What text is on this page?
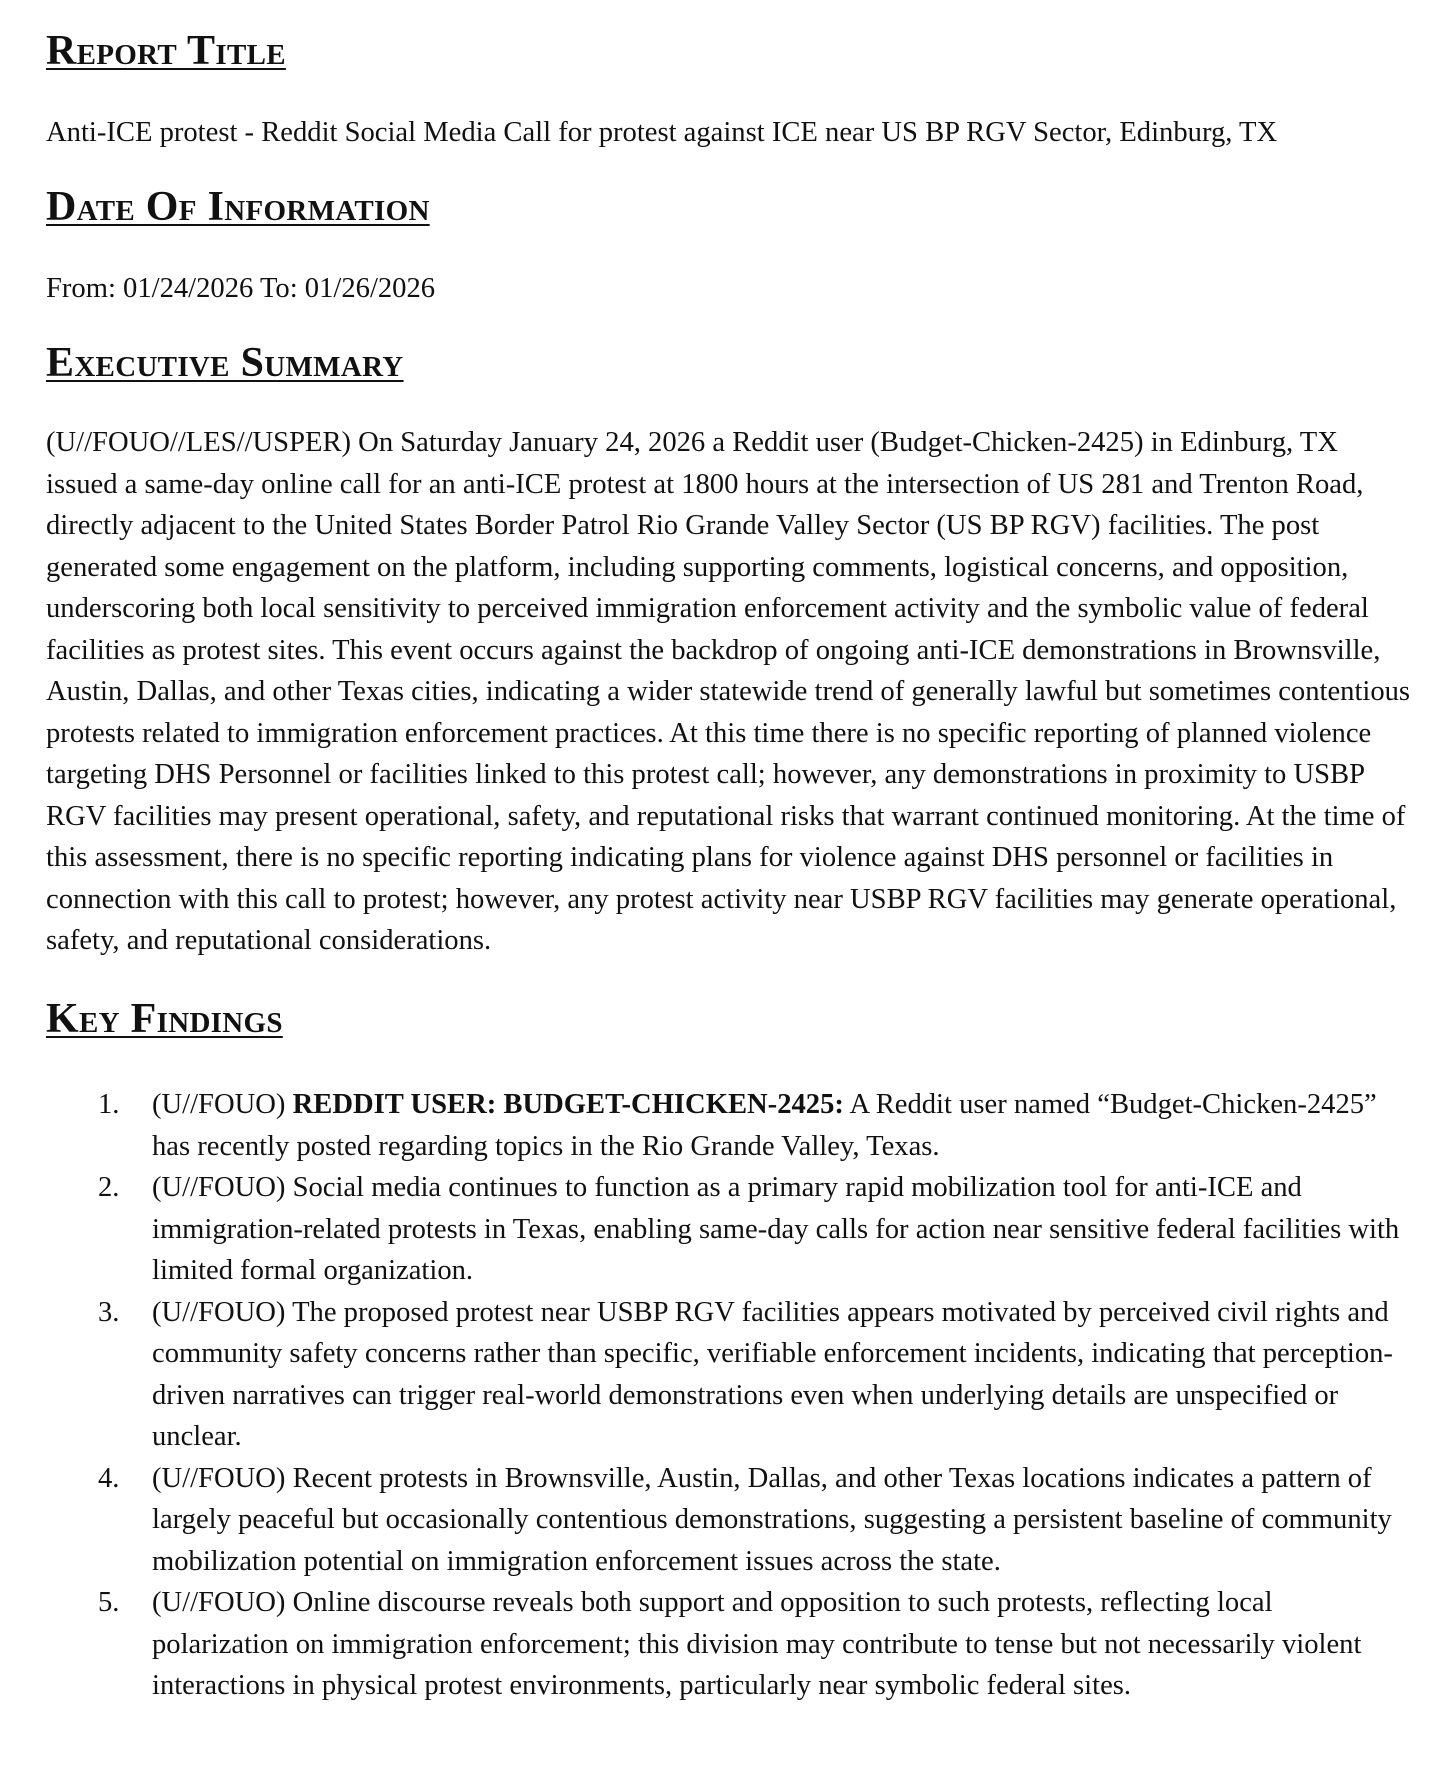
Report Title

Anti-ICE protest - Reddit Social Media Call for protest against ICE near US BP RGV Sector, Edinburg, TX

Date Of Information

From: 01/24/2026 To: 01/26/2026

Executive Summary

(U//FOUO//LES//USPER) On Saturday January 24, 2026 a Reddit user (Budget-Chicken-2425) in Edinburg, TX issued a same-day online call for an anti-ICE protest at 1800 hours at the intersection of US 281 and Trenton Road, directly adjacent to the United States Border Patrol Rio Grande Valley Sector (US BP RGV) facilities. The post generated some engagement on the platform, including supporting comments, logistical concerns, and opposition, underscoring both local sensitivity to perceived immigration enforcement activity and the symbolic value of federal facilities as protest sites. This event occurs against the backdrop of ongoing anti-ICE demonstrations in Brownsville, Austin, Dallas, and other Texas cities, indicating a wider statewide trend of generally lawful but sometimes contentious protests related to immigration enforcement practices. At this time there is no specific reporting of planned violence targeting DHS Personnel or facilities linked to this protest call; however, any demonstrations in proximity to USBP RGV facilities may present operational, safety, and reputational risks that warrant continued monitoring. At the time of this assessment, there is no specific reporting indicating plans for violence against DHS personnel or facilities in connection with this call to protest; however, any protest activity near USBP RGV facilities may generate operational, safety, and reputational considerations.

Key Findings
1. (U//FOUO) REDDIT USER: BUDGET-CHICKEN-2425: A Reddit user named “Budget-Chicken-2425” has recently posted regarding topics in the Rio Grande Valley, Texas.
2. (U//FOUO) Social media continues to function as a primary rapid mobilization tool for anti-ICE and immigration-related protests in Texas, enabling same-day calls for action near sensitive federal facilities with limited formal organization.
3. (U//FOUO) The proposed protest near USBP RGV facilities appears motivated by perceived civil rights and community safety concerns rather than specific, verifiable enforcement incidents, indicating that perception-driven narratives can trigger real-world demonstrations even when underlying details are unspecified or unclear.
4. (U//FOUO) Recent protests in Brownsville, Austin, Dallas, and other Texas locations indicates a pattern of largely peaceful but occasionally contentious demonstrations, suggesting a persistent baseline of community mobilization potential on immigration enforcement issues across the state.
5. (U//FOUO) Online discourse reveals both support and opposition to such protests, reflecting local polarization on immigration enforcement; this division may contribute to tense but not necessarily violent interactions in physical protest environments, particularly near symbolic federal sites.
